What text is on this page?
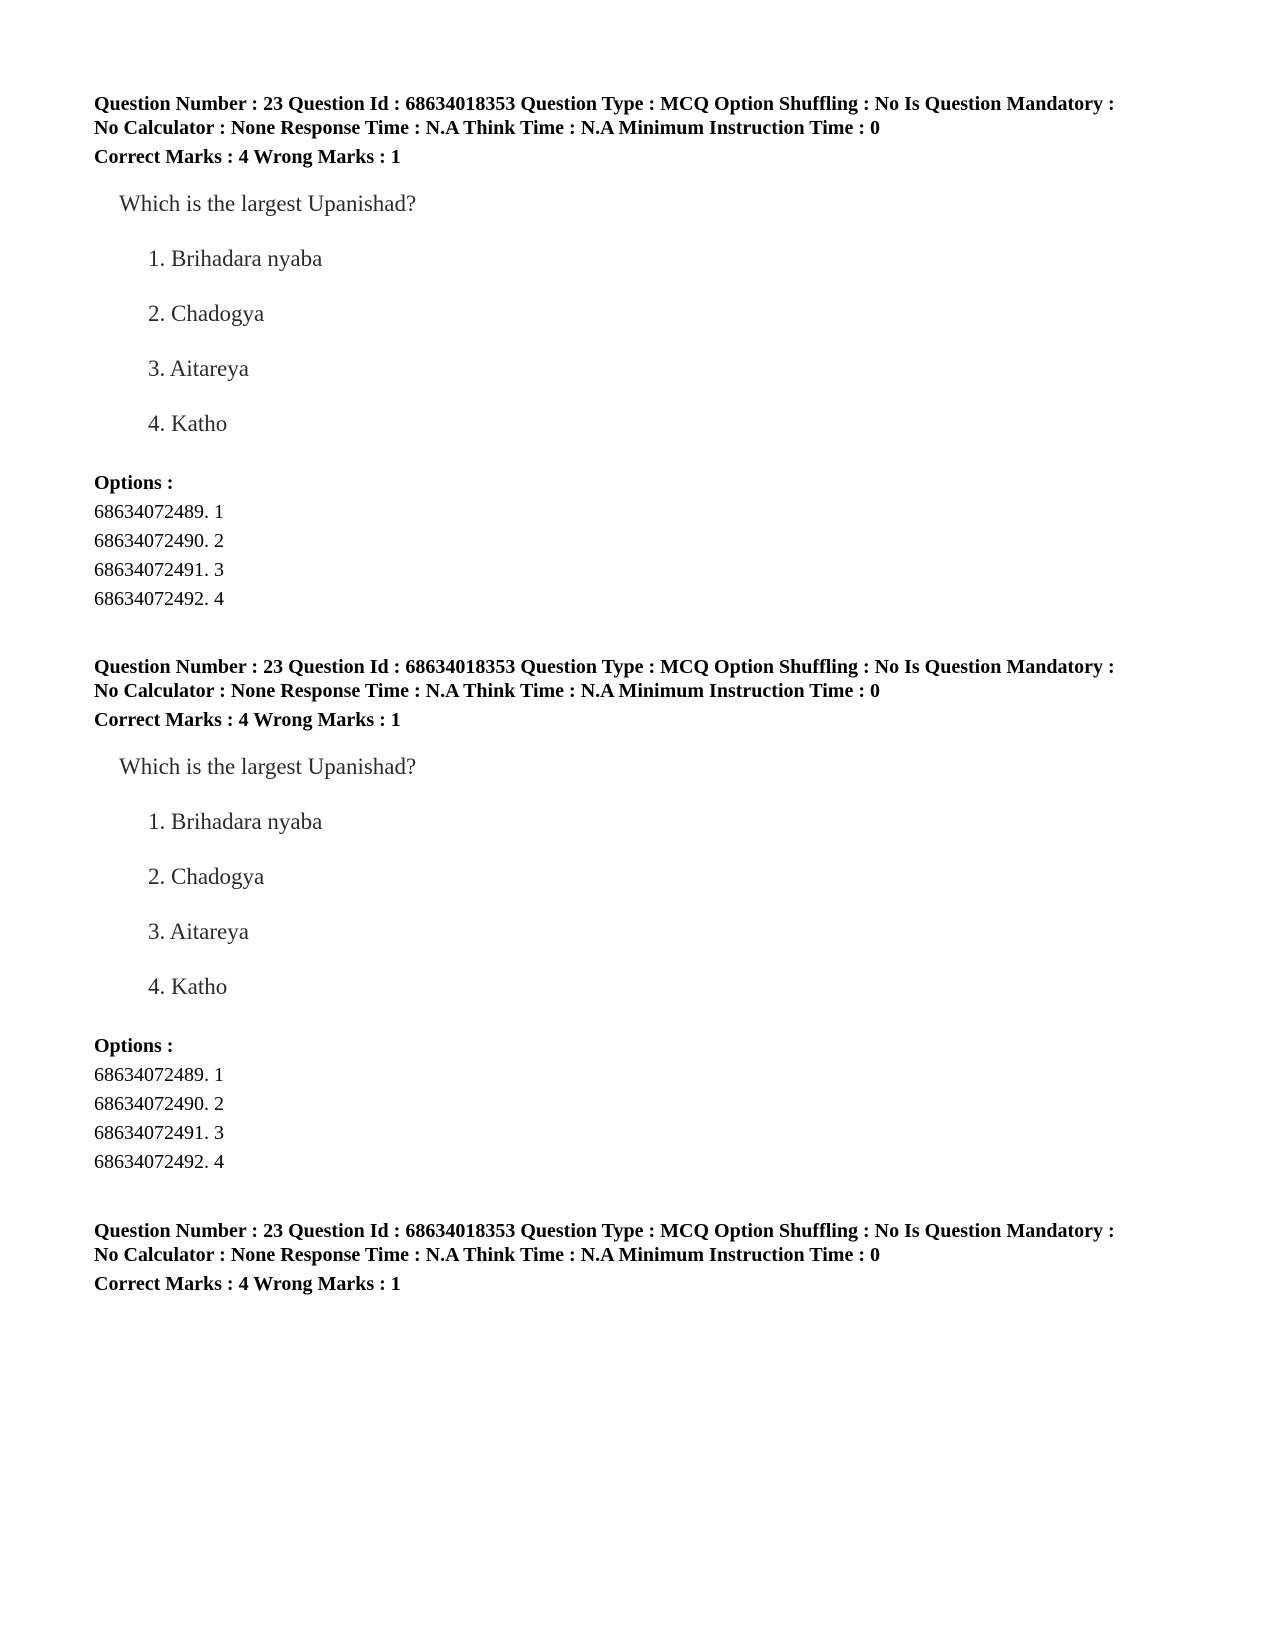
Question Number : 23 Question Id : 68634018353 Question Type : MCQ Option Shuffling : No Is Question Mandatory :
No Calculator : None Response Time : N.A Think Time : N.A Minimum Instruction Time : 0
Correct Marks : 4 Wrong Marks : 1
Which is the largest Upanishad?
1. Brihadara nyaba
2. Chadogya
3. Aitareya
4. Katho
Options :
68634072489. 1
68634072490. 2
68634072491. 3
68634072492. 4
Question Number : 23 Question Id : 68634018353 Question Type : MCQ Option Shuffling : No Is Question Mandatory :
No Calculator : None Response Time : N.A Think Time : N.A Minimum Instruction Time : 0
Correct Marks : 4 Wrong Marks : 1
Which is the largest Upanishad?
1. Brihadara nyaba
2. Chadogya
3. Aitareya
4. Katho
Options :
68634072489. 1
68634072490. 2
68634072491. 3
68634072492. 4
Question Number : 23 Question Id : 68634018353 Question Type : MCQ Option Shuffling : No Is Question Mandatory :
No Calculator : None Response Time : N.A Think Time : N.A Minimum Instruction Time : 0
Correct Marks : 4 Wrong Marks : 1
